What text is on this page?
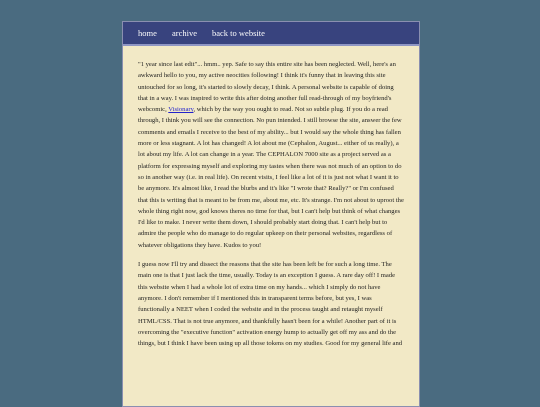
home archive back to website

"1 year since last edit"... hmm.. yep. Safe to say this entire site has been neglected. Well, here's an awkward hello to you, my active neocities following! I think it's funny that in leaving this site untouched for so long, it's started to slowly decay, I think. A personal website is capable of doing that in a way. I was inspired to write this after doing another full read-through of my boyfriend's webcomic, Visionary, which by the way you ought to read. Not so subtle plug. If you do a read through, I think you will see the connection. No pun intended. I still browse the site, answer the few comments and emails I receive to the best of my ability... but I would say the whole thing has fallen more or less stagnant. A lot has changed! A lot about me (Cephalon, August... either of us really), a lot about my life. A lot can change in a year. The CEPHALON 7000 site as a project served as a platform for expressing myself and exploring my tastes when there was not much of an option to do so in another way (i.e. in real life). On recent visits, I feel like a lot of it is just not what I want it to be anymore. It's almost like, I read the blurbs and it's like "I wrote that? Really?" or I'm confused that this is writing that is meant to be from me, about me, etc. It's strange. I'm not about to uproot the whole thing right now, god knows theres no time for that, but I can't help but think of what changes I'd like to make. I never write them down, I should probably start doing that. I can't help but to admire the people who do manage to do regular upkeep on their personal websites, regardless of whatever obligations they have. Kudos to you!

I guess now I'll try and dissect the reasons that the site has been left be for such a long time. The main one is that I just lack the time, usually. Today is an exception I guess. A rare day off! I made this website when I had a whole lot of extra time on my hands... which I simply do not have anymore. I don't remember if I mentioned this in transparent terms before, but yes, I was functionally a NEET when I coded the website and in the process taught and retaught myself HTML/CSS. That is not true anymore, and thankfully hasn't been for a while! Another part of it is overcoming the "executive function" activation energy hump to actually get off my ass and do the things, but I think I have been using up all those tokens on my studies. Good for my general life and
